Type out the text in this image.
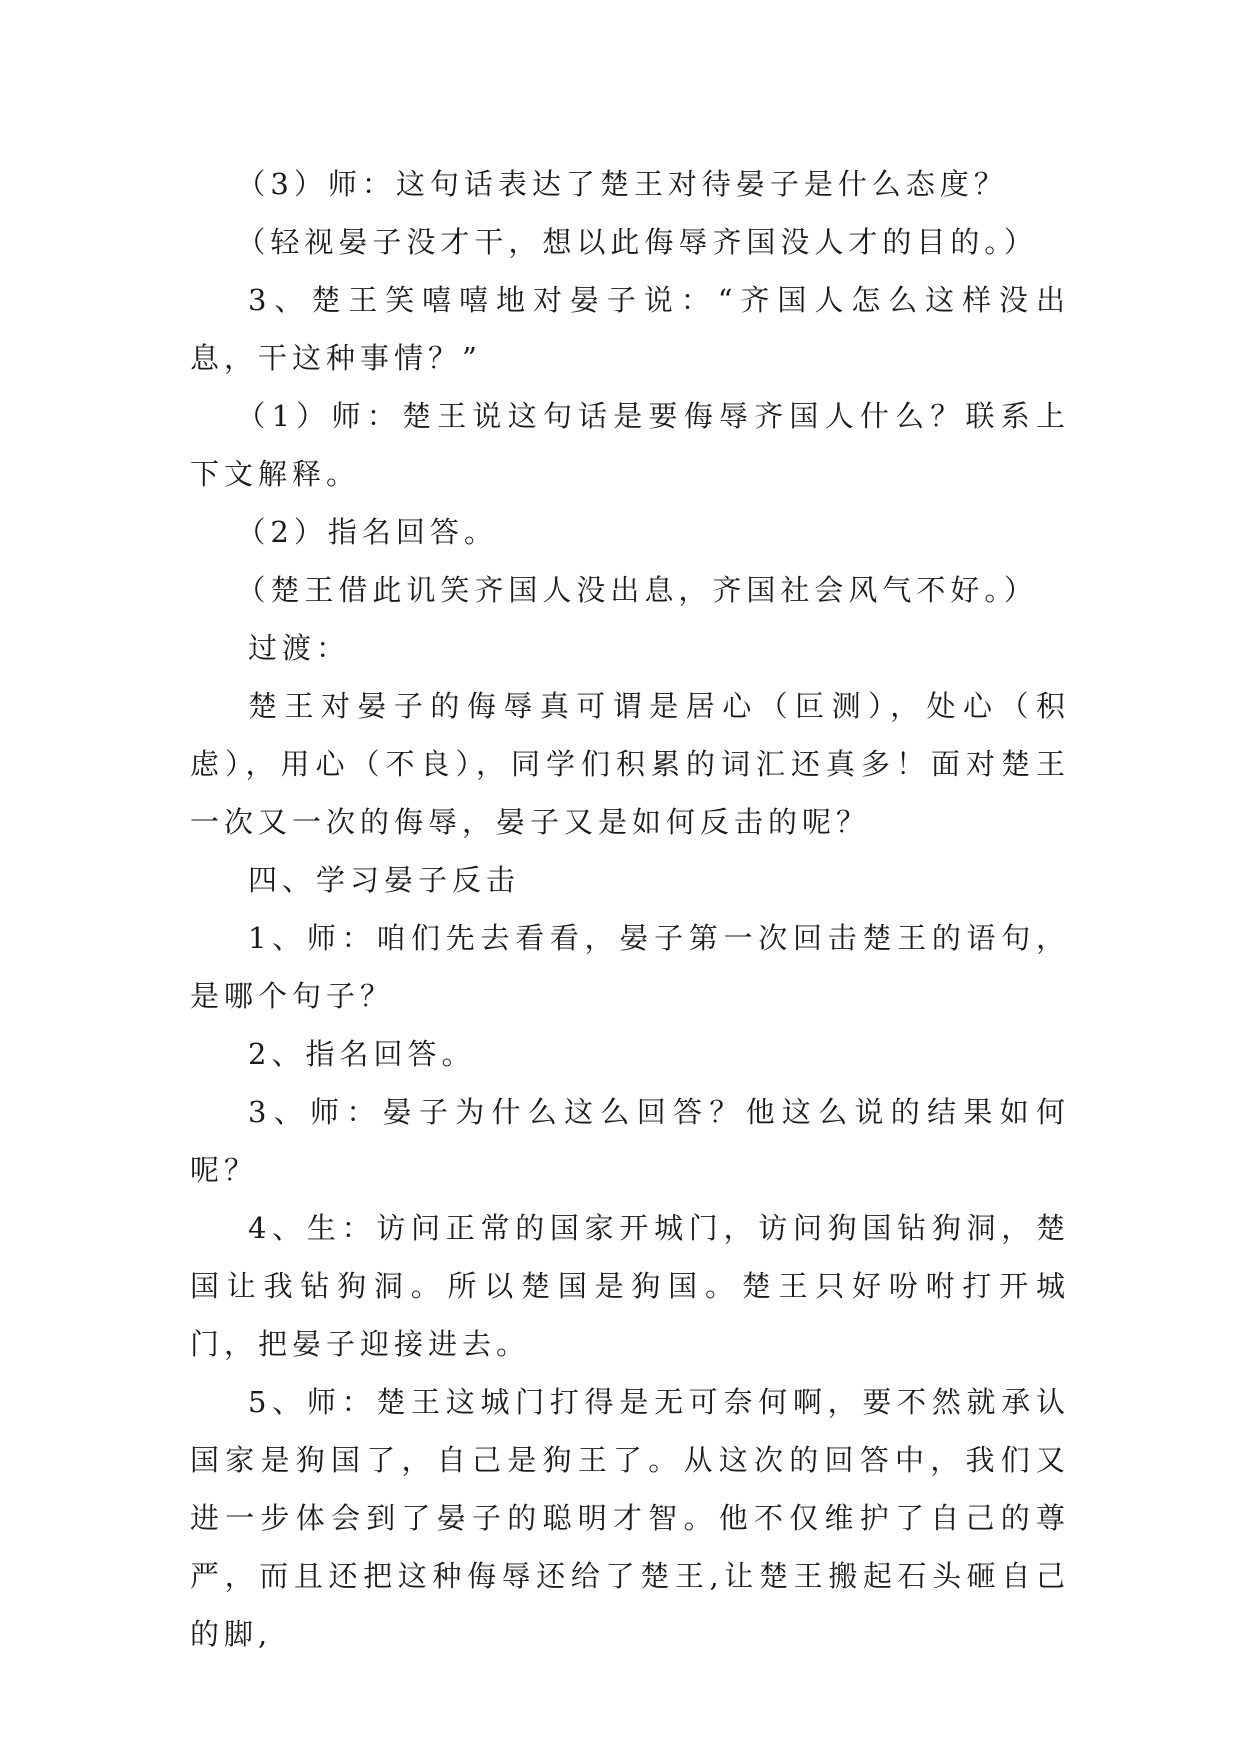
（3）师：这句话表达了楚王对待晏子是什么态度？

（轻视晏子没才干，想以此侮辱齐国没人才的目的。）

3、楚王笑嘻嘻地对晏子说：“齐国人怎么这样没出息，干这种事情？”

（1）师：楚王说这句话是要侮辱齐国人什么？联系上下文解释。

（2）指名回答。

（楚王借此讥笑齐国人没出息，齐国社会风气不好。）

过渡：

楚王对晏子的侮辱真可谓是居心（叵测），处心（积虑），用心（不良），同学们积累的词汇还真多！面对楚王一次又一次的侮辱，晏子又是如何反击的呢？

四、学习晏子反击

1、师：咱们先去看看，晏子第一次回击楚王的语句，是哪个句子？

2、指名回答。

3、师：晏子为什么这么回答？他这么说的结果如何呢？

4、生：访问正常的国家开城门，访问狗国钻狗洞，楚国让我钻狗洞。所以楚国是狗国。楚王只好吩咐打开城门，把晏子迎接进去。

5、师：楚王这城门打得是无可奈何啊，要不然就承认国家是狗国了，自己是狗王了。从这次的回答中，我们又进一步体会到了晏子的聪明才智。他不仅维护了自己的尊严，而且还把这种侮辱还给了楚王,让楚王搬起石头砸自己的脚,
